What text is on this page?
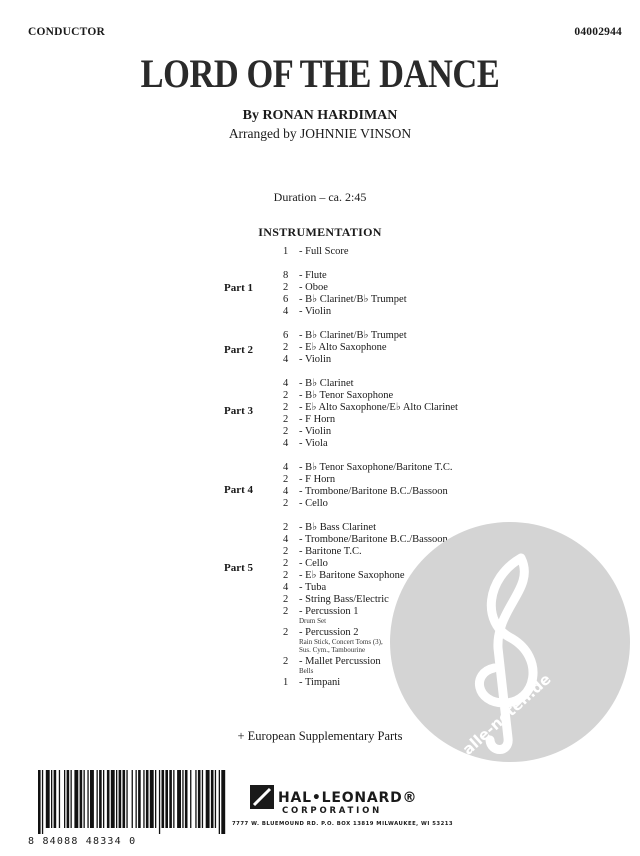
CONDUCTOR	04002944
LORD OF THE DANCE
By RONAN HARDIMAN
Arranged by JOHNNIE VINSON
Duration – ca. 2:45
INSTRUMENTATION
1 - Full Score
Part 1
8 - Flute
2 - Oboe
6 - B♭ Clarinet/B♭ Trumpet
4 - Violin
Part 2
6 - B♭ Clarinet/B♭ Trumpet
2 - E♭ Alto Saxophone
4 - Violin
Part 3
4 - B♭ Clarinet
2 - B♭ Tenor Saxophone
2 - E♭ Alto Saxophone/E♭ Alto Clarinet
2 - F Horn
2 - Violin
4 - Viola
Part 4
4 - B♭ Tenor Saxophone/Baritone T.C.
2 - F Horn
4 - Trombone/Baritone B.C./Bassoon
2 - Cello
Part 5
2 - B♭ Bass Clarinet
4 - Trombone/Baritone B.C./Bassoon
2 - Baritone T.C.
2 - Cello
2 - E♭ Baritone Saxophone
4 - Tuba
2 - String Bass/Electric
2 - Percussion 1
Drum Set
2 - Percussion 2
Rain Stick, Concert Toms (3),
Sus. Cym., Tambourine
2 - Mallet Percussion
Bells
1 - Timpani	alle-noten.de
+ European Supplementary Parts
8 84088 48334 0
HAL•LEONARD®
CORPORATION
7777 W. BLUEMOUND RD. P.O. BOX 13819 MILWAUKEE, WI 53213
